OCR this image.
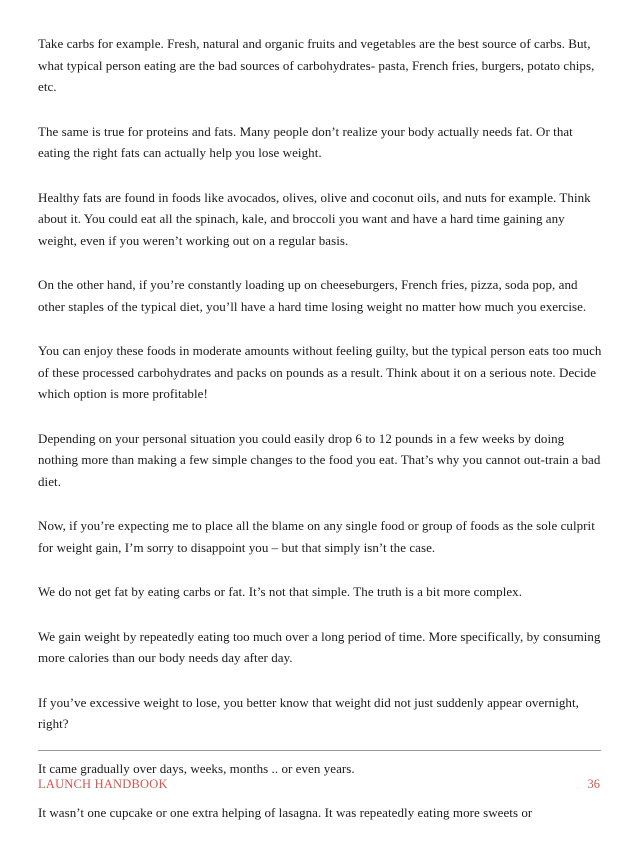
Take carbs for example. Fresh, natural and organic fruits and vegetables are the best source of carbs. But, what typical person eating are the bad sources of carbohydrates- pasta, French fries, burgers, potato chips, etc.

The same is true for proteins and fats. Many people don’t realize your body actually needs fat. Or that eating the right fats can actually help you lose weight.

Healthy fats are found in foods like avocados, olives, olive and coconut oils, and nuts for example. Think about it. You could eat all the spinach, kale, and broccoli you want and have a hard time gaining any weight, even if you weren’t working out on a regular basis.

On the other hand, if you’re constantly loading up on cheeseburgers, French fries, pizza, soda pop, and other staples of the typical diet, you’ll have a hard time losing weight no matter how much you exercise.

You can enjoy these foods in moderate amounts without feeling guilty, but the typical person eats too much of these processed carbohydrates and packs on pounds as a result. Think about it on a serious note. Decide which option is more profitable!

Depending on your personal situation you could easily drop 6 to 12 pounds in a few weeks by doing nothing more than making a few simple changes to the food you eat. That’s why you cannot out-train a bad diet.

Now, if you’re expecting me to place all the blame on any single food or group of foods as the sole culprit for weight gain, I’m sorry to disappoint you – but that simply isn’t the case.

We do not get fat by eating carbs or fat. It’s not that simple. The truth is a bit more complex.

We gain weight by repeatedly eating too much over a long period of time. More specifically, by consuming more calories than our body needs day after day.

If you’ve excessive weight to lose, you better know that weight did not just suddenly appear overnight, right?

It came gradually over days, weeks, months .. or even years.

It wasn’t one cupcake or one extra helping of lasagna. It was repeatedly eating more sweets or

LAUNCH HANDBOOK	36
